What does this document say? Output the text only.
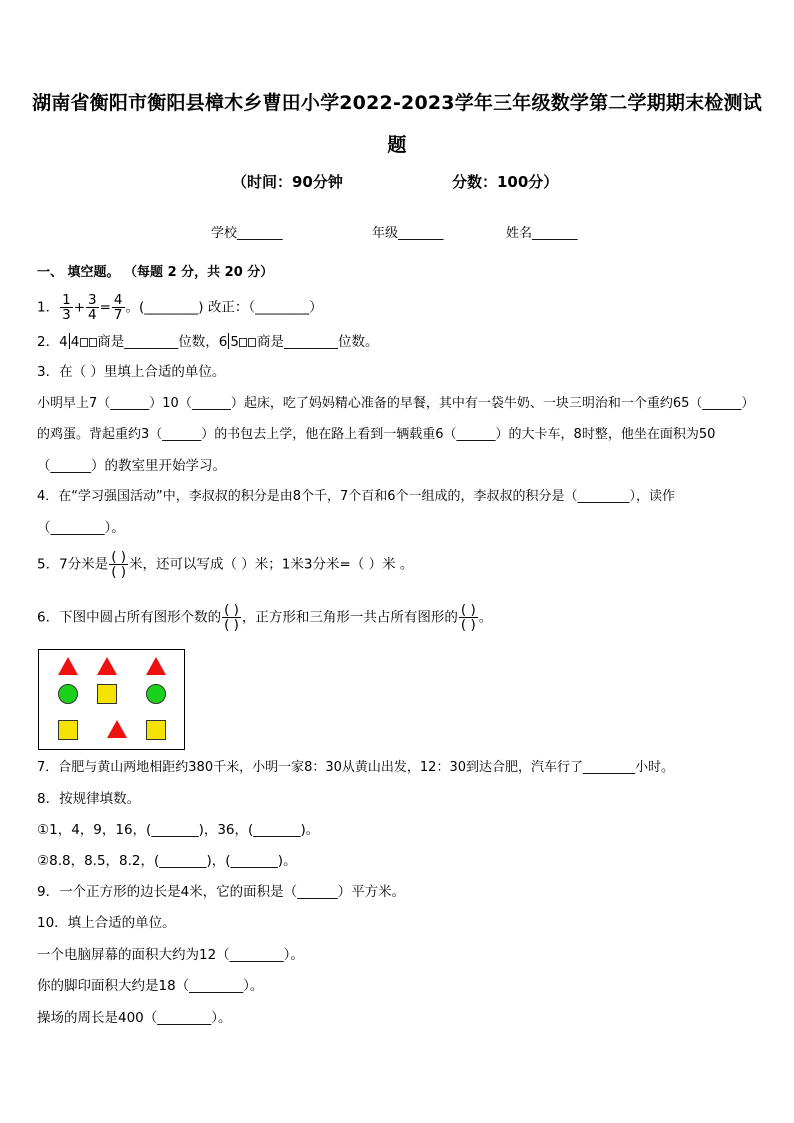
湖南省衡阳市衡阳县樟木乡曹田小学2022-2023学年三年级数学第二学期期末检测试
题
（时间：90分钟	分数：100分）
学校_______	年级_______	姓名_______
一、 填空题。 （每题 2 分，共 20 分）
1． $\frac{1}{3} + \frac{3}{4} = \frac{4}{7}$ 。(________) 改正：（________）
2．4 4 商是________位数，6 5 商是________位数。
3．在（ ）里填上合适的单位。
小明早上7（______）10（______）起床，吃了妈妈精心准备的早餐，其中有一袋牛奶、一块三明治和一个重约65（______）
的鸡蛋。背起重约3（______）的书包去上学，他在路上看到一辆载重6（______）的大卡车，8时整，他坐在面积为50
（______）的教室里开始学习。
4．在“学习强国活动”中，李叔叔的积分是由8个千，7个百和6个一组成的，李叔叔的积分是（________），读作
（________）。
5．7分米是 $\frac{( )}{( )}$ 米，还可以写成（ ）米；1米3分米=（ ）米 。
6．下图中圆占所有图形个数的 $\frac{( )}{( )}$ ，正方形和三角形一共占所有图形的 $\frac{( )}{( )}$ 。
7．合肥与黄山两地相距约380千米，小明一家8：30从黄山出发，12：30到达合肥，汽车行了________小时。
8．按规律填数。
①1，4，9，16，(_______)，36，(_______)。
②8.8，8.5，8.2，(_______)，(_______)。
9．一个正方形的边长是4米，它的面积是（______）平方米。
10．填上合适的单位。
一个电脑屏幕的面积大约为12（________）。
你的脚印面积大约是18（________）。
操场的周长是400（________）。
